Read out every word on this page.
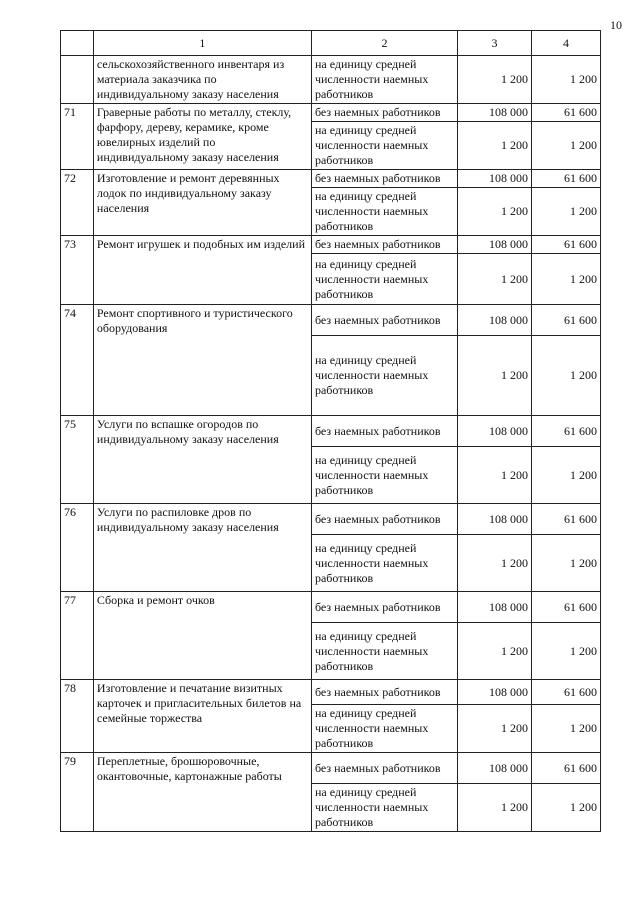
10
	1	2	3	4
	сельскохозяйственного инвентаря из материала заказчика по индивидуальному заказу населения	на единицу средней численности наемных работников	1 200	1 200
71	Граверные работы по металлу, стеклу, фарфору, дереву, керамике, кроме ювелирных изделий по индивидуальному заказу населения	без наемных работников	108 000	61 600
		на единицу средней численности наемных работников	1 200	1 200
72	Изготовление и ремонт деревянных лодок по индивидуальному заказу населения	без наемных работников	108 000	61 600
		на единицу средней численности наемных работников	1 200	1 200
73	Ремонт игрушек и подобных им изделий	без наемных работников	108 000	61 600
		на единицу средней численности наемных работников	1 200	1 200
74	Ремонт спортивного и туристического оборудования	без наемных работников	108 000	61 600
		на единицу средней численности наемных работников	1 200	1 200
75	Услуги по вспашке огородов по индивидуальному заказу населения	без наемных работников	108 000	61 600
		на единицу средней численности наемных работников	1 200	1 200
76	Услуги по распиловке дров по индивидуальному заказу населения	без наемных работников	108 000	61 600
		на единицу средней численности наемных работников	1 200	1 200
77	Сборка и ремонт очков	без наемных работников	108 000	61 600
		на единицу средней численности наемных работников	1 200	1 200
78	Изготовление и печатание визитных карточек и пригласительных билетов на семейные торжества	без наемных работников	108 000	61 600
		на единицу средней численности наемных работников	1 200	1 200
79	Переплетные, брошюровочные, окантовочные, картонажные работы	без наемных работников	108 000	61 600
		на единицу средней численности наемных работников	1 200	1 200
